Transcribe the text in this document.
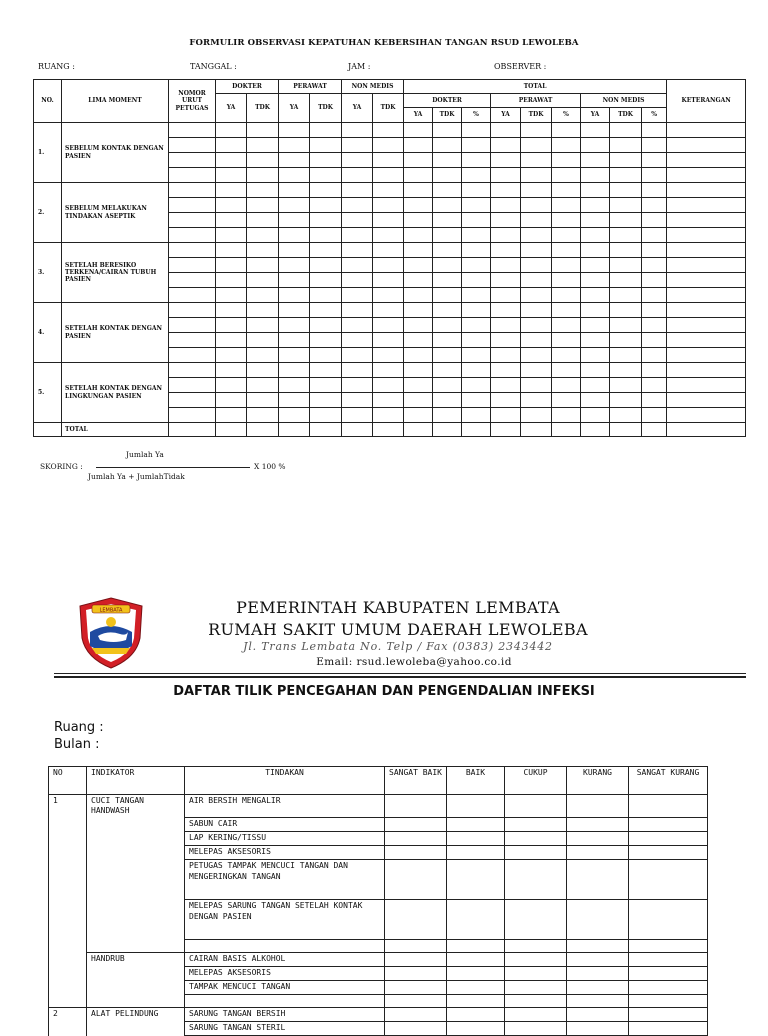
FORMULIR OBSERVASI KEPATUHAN KEBERSIHAN TANGAN RSUD LEWOLEBA
RUANG :	TANGGAL :	JAM :	OBSERVER :
NO.	LIMA MOMENT	NOMOR URUT PETUGAS	DOKTER		PERAWAT		NON MEDIS		TOTAL									KETERANGAN
			YA	TDK	YA	TDK	YA	TDK	DOKTER			PERAWAT			NON MEDIS			
									YA	TDK	%	YA	TDK	%	YA	TDK	%	
1.	SEBELUM KONTAK DENGAN PASIEN																	

2.	SEBELUM MELAKUKAN TINDAKAN ASEPTIK																	

3.	SETELAH BERESIKO TERKENA/CAIRAN TUBUH PASIEN																	

4.	SETELAH KONTAK DENGAN PASIEN																	

5.	SETELAH KONTAK DENGAN LINGKUNGAN PASIEN																	

	TOTAL																	
SKORING :
Jumlah Ya
Jumlah Ya + JumlahTidak
X 100 %
LEMBATA	PEMERINTAH KABUPATEN LEMBATA
RUMAH SAKIT UMUM DAERAH LEWOLEBA
Jl. Trans Lembata No. Telp / Fax (0383) 2343442
Email: rsud.lewoleba@yahoo.co.id
DAFTAR TILIK PENCEGAHAN DAN PENGENDALIAN INFEKSI
Ruang :
Bulan :
NO	INDIKATOR	TINDAKAN	SANGAT BAIK	BAIK	CUKUP	KURANG	SANGAT KURANG
1	CUCI TANGAN HANDWASH	AIR BERSIH MENGALIR					
		SABUN CAIR					
		LAP KERING/TISSU					
		MELEPAS AKSESORIS					
		PETUGAS TAMPAK MENCUCI TANGAN DAN MENGERINGKAN TANGAN					
		MELEPAS SARUNG TANGAN SETELAH KONTAK DENGAN PASIEN					

	HANDRUB	CAIRAN BASIS ALKOHOL					
		MELEPAS AKSESORIS					
		TAMPAK MENCUCI TANGAN					

2	ALAT PELINDUNG	SARUNG TANGAN BERSIH					
		SARUNG TANGAN STERIL					
